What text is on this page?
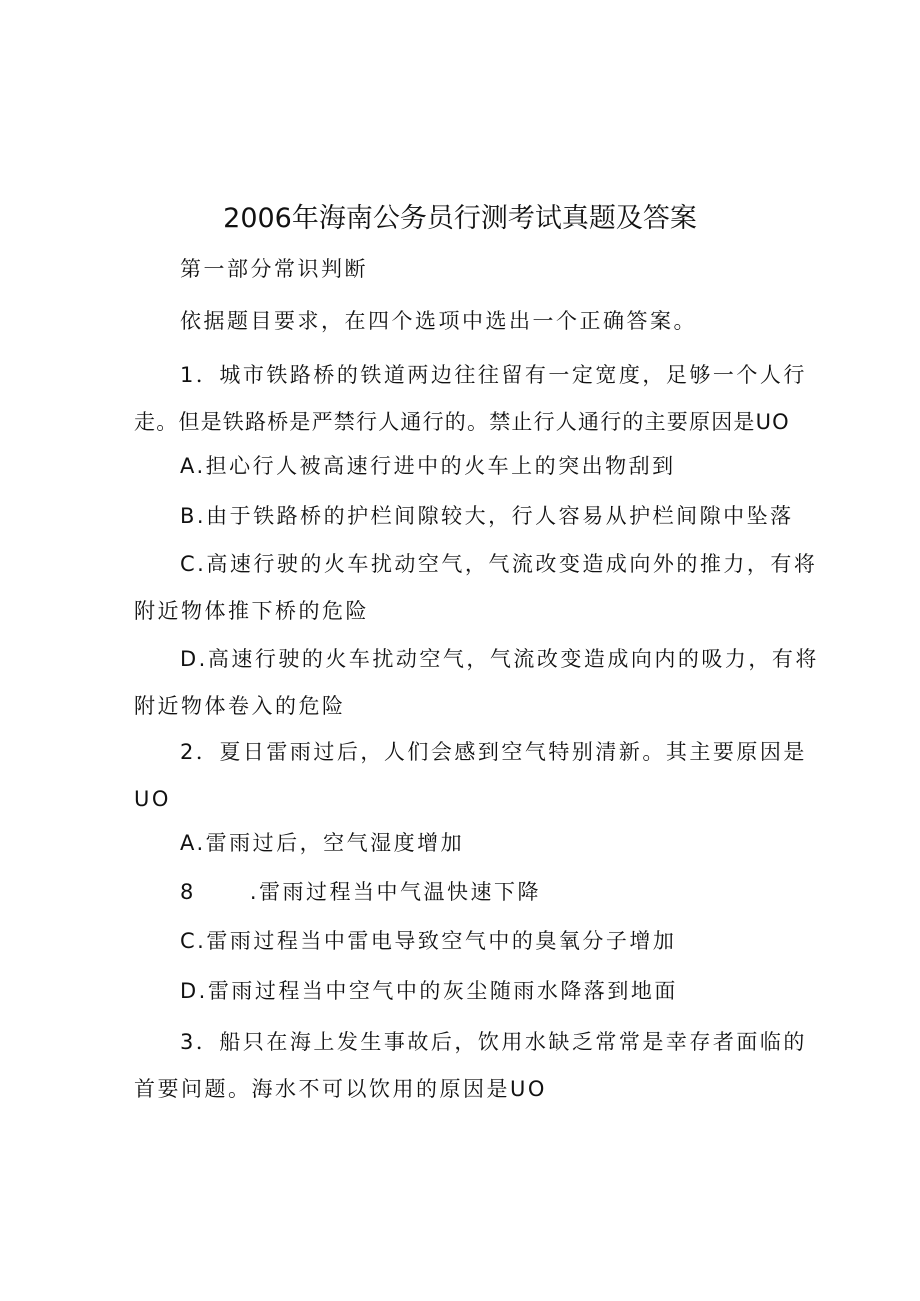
2006年海南公务员行测考试真题及答案
第一部分常识判断
依据题目要求，在四个选项中选出一个正确答案。
1．城市铁路桥的铁道两边往往留有一定宽度，足够一个人行
走。但是铁路桥是严禁行人通行的。禁止行人通行的主要原因是UO
A.担心行人被高速行进中的火车上的突出物刮到
B.由于铁路桥的护栏间隙较大，行人容易从护栏间隙中坠落
C.高速行驶的火车扰动空气，气流改变造成向外的推力，有将
附近物体推下桥的危险
D.高速行驶的火车扰动空气，气流改变造成向内的吸力，有将
附近物体卷入的危险
2．夏日雷雨过后，人们会感到空气特别清新。其主要原因是
UO
A.雷雨过后，空气湿度增加
8	.雷雨过程当中气温快速下降
C.雷雨过程当中雷电导致空气中的臭氧分子增加
D.雷雨过程当中空气中的灰尘随雨水降落到地面
3．船只在海上发生事故后，饮用水缺乏常常是幸存者面临的
首要问题。海水不可以饮用的原因是UO
